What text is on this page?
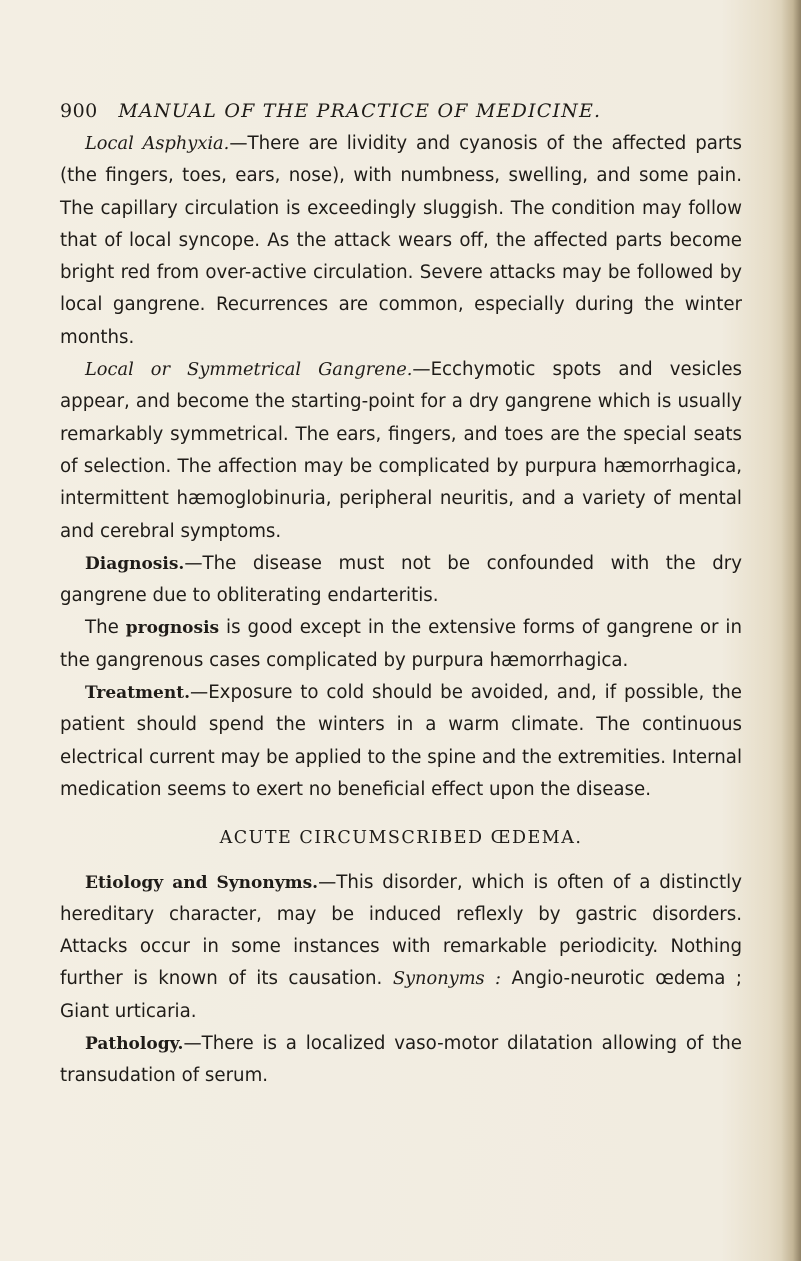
900 MANUAL OF THE PRACTICE OF MEDICINE.

Local Asphyxia.—There are lividity and cyanosis of the affected parts (the fingers, toes, ears, nose), with numbness, swelling, and some pain. The capillary circulation is exceedingly sluggish. The condition may follow that of local syncope. As the attack wears off, the affected parts become bright red from over-active circulation. Severe attacks may be followed by local gangrene. Recurrences are common, especially during the winter months.

Local or Symmetrical Gangrene.—Ecchymotic spots and vesicles appear, and become the starting-point for a dry gangrene which is usually remarkably symmetrical. The ears, fingers, and toes are the special seats of selection. The affection may be complicated by purpura hæmorrhagica, intermittent hæmoglobinuria, peripheral neuritis, and a variety of mental and cerebral symptoms.

Diagnosis.—The disease must not be confounded with the dry gangrene due to obliterating endarteritis.

The prognosis is good except in the extensive forms of gangrene or in the gangrenous cases complicated by purpura hæmorrhagica.

Treatment.—Exposure to cold should be avoided, and, if possible, the patient should spend the winters in a warm climate. The continuous electrical current may be applied to the spine and the extremities. Internal medication seems to exert no beneficial effect upon the disease.

ACUTE CIRCUMSCRIBED ŒDEMA.

Etiology and Synonyms.—This disorder, which is often of a distinctly hereditary character, may be induced reflexly by gastric disorders. Attacks occur in some instances with remarkable periodicity. Nothing further is known of its causation. Synonyms : Angio-neurotic œdema ; Giant urticaria.

Pathology.—There is a localized vaso-motor dilatation allowing of the transudation of serum.
